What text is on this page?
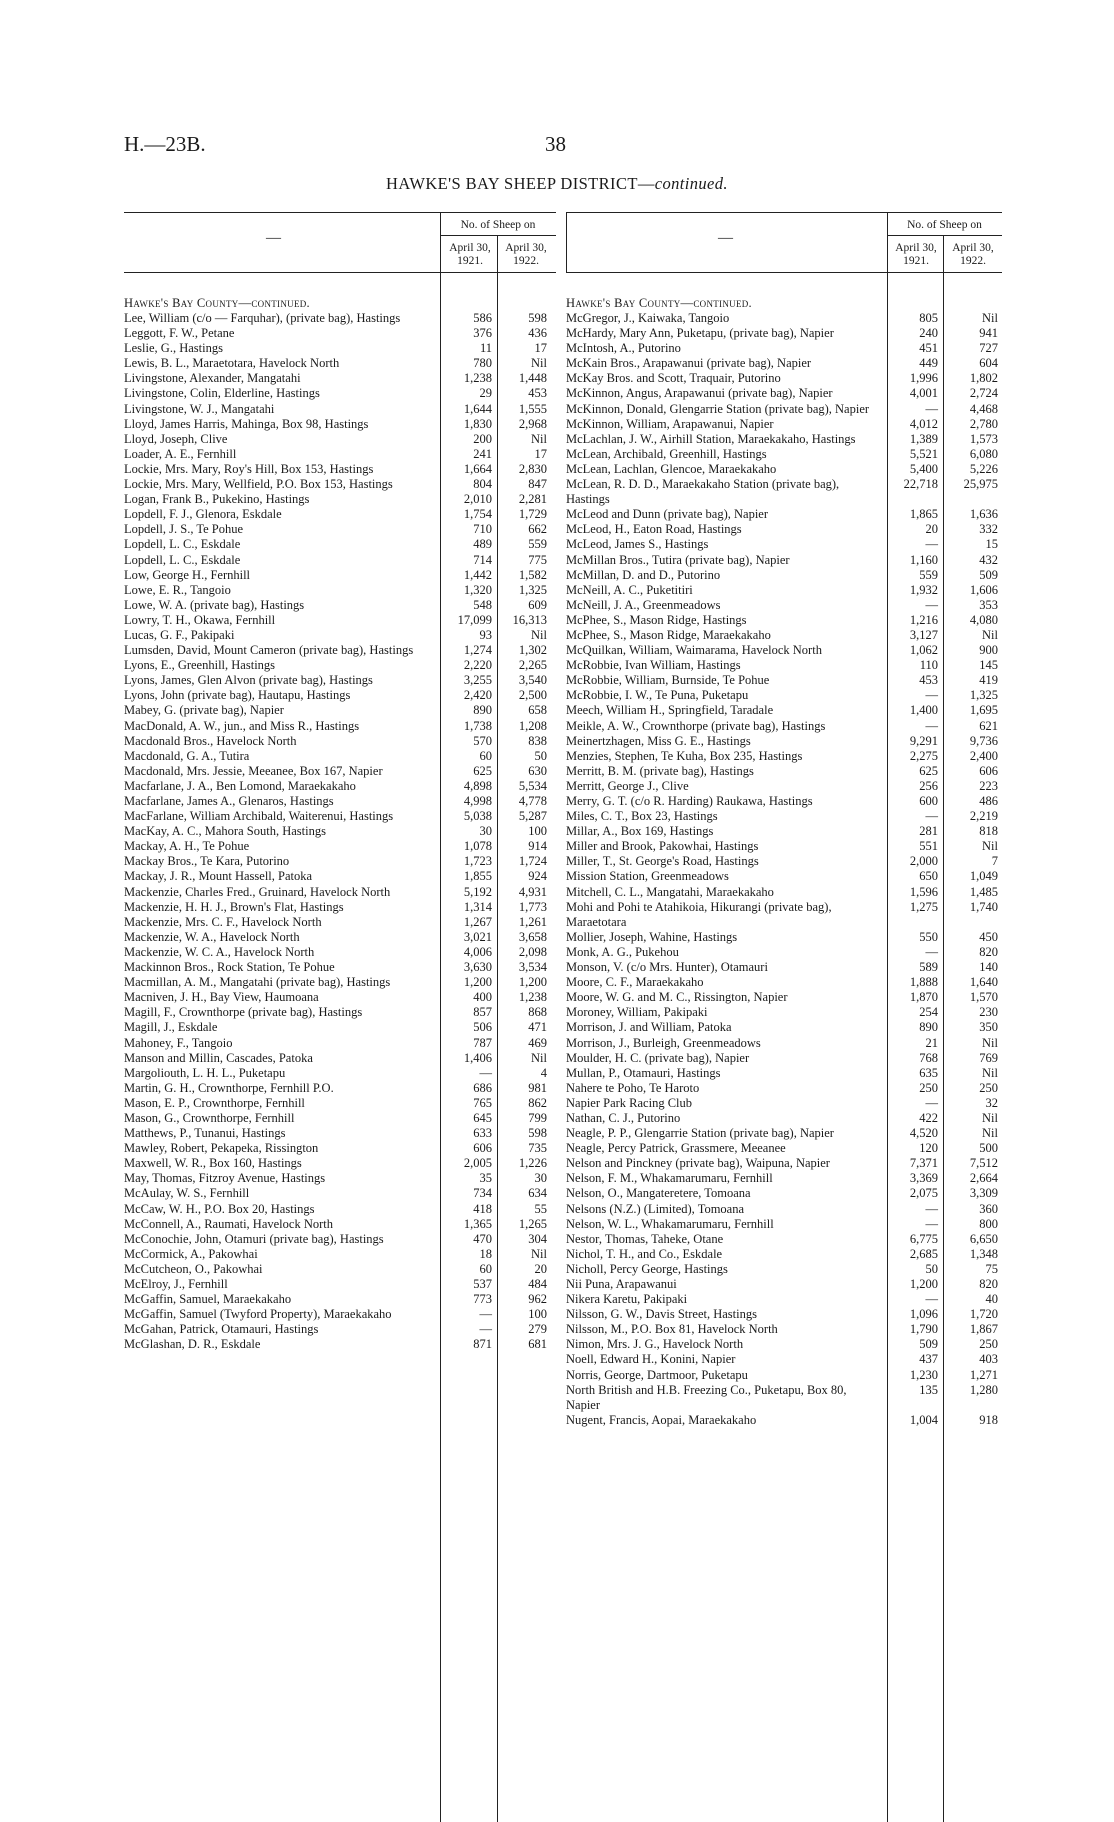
H.—23B.	38
HAWKE'S BAY SHEEP DISTRICT—continued.
—
No. of Sheep on
April 30, 1921.
April 30, 1922.
—
No. of Sheep on
April 30, 1921.
April 30, 1922.
Hawke's Bay County—continued.
Lee, William (c/o — Farquhar), (private bag), Hastings	586	598
Leggott, F. W., Petane	376	436
Leslie, G., Hastings	11	17
Lewis, B. L., Maraetotara, Havelock North	780	Nil
Livingstone, Alexander, Mangatahi	1,238	1,448
Livingstone, Colin, Elderline, Hastings	29	453
Livingstone, W. J., Mangatahi	1,644	1,555
Lloyd, James Harris, Mahinga, Box 98, Hastings	1,830	2,968
Lloyd, Joseph, Clive	200	Nil
Loader, A. E., Fernhill	241	17
Lockie, Mrs. Mary, Roy's Hill, Box 153, Hastings	1,664	2,830
Lockie, Mrs. Mary, Wellfield, P.O. Box 153, Hastings	804	847
Logan, Frank B., Pukekino, Hastings	2,010	2,281
Lopdell, F. J., Glenora, Eskdale	1,754	1,729
Lopdell, J. S., Te Pohue	710	662
Lopdell, L. C., Eskdale	489	559
Lopdell, L. C., Eskdale	714	775
Low, George H., Fernhill	1,442	1,582
Lowe, E. R., Tangoio	1,320	1,325
Lowe, W. A. (private bag), Hastings	548	609
Lowry, T. H., Okawa, Fernhill	17,099	16,313
Lucas, G. F., Pakipaki	93	Nil
Lumsden, David, Mount Cameron (private bag), Hastings	1,274	1,302
Lyons, E., Greenhill, Hastings	2,220	2,265
Lyons, James, Glen Alvon (private bag), Hastings	3,255	3,540
Lyons, John (private bag), Hautapu, Hastings	2,420	2,500
Mabey, G. (private bag), Napier	890	658
MacDonald, A. W., jun., and Miss R., Hastings	1,738	1,208
Macdonald Bros., Havelock North	570	838
Macdonald, G. A., Tutira	60	50
Macdonald, Mrs. Jessie, Meeanee, Box 167, Napier	625	630
Macfarlane, J. A., Ben Lomond, Maraekakaho	4,898	5,534
Macfarlane, James A., Glenaros, Hastings	4,998	4,778
MacFarlane, William Archibald, Waiterenui, Hastings	5,038	5,287
MacKay, A. C., Mahora South, Hastings	30	100
Mackay, A. H., Te Pohue	1,078	914
Mackay Bros., Te Kara, Putorino	1,723	1,724
Mackay, J. R., Mount Hassell, Patoka	1,855	924
Mackenzie, Charles Fred., Gruinard, Havelock North	5,192	4,931
Mackenzie, H. H. J., Brown's Flat, Hastings	1,314	1,773
Mackenzie, Mrs. C. F., Havelock North	1,267	1,261
Mackenzie, W. A., Havelock North	3,021	3,658
Mackenzie, W. C. A., Havelock North	4,006	2,098
Mackinnon Bros., Rock Station, Te Pohue	3,630	3,534
Macmillan, A. M., Mangatahi (private bag), Hastings	1,200	1,200
Macniven, J. H., Bay View, Haumoana	400	1,238
Magill, F., Crownthorpe (private bag), Hastings	857	868
Magill, J., Eskdale	506	471
Mahoney, F., Tangoio	787	469
Manson and Millin, Cascades, Patoka	1,406	Nil
Margoliouth, L. H. L., Puketapu	—	4
Martin, G. H., Crownthorpe, Fernhill P.O.	686	981
Mason, E. P., Crownthorpe, Fernhill	765	862
Mason, G., Crownthorpe, Fernhill	645	799
Matthews, P., Tunanui, Hastings	633	598
Mawley, Robert, Pekapeka, Rissington	606	735
Maxwell, W. R., Box 160, Hastings	2,005	1,226
May, Thomas, Fitzroy Avenue, Hastings	35	30
McAulay, W. S., Fernhill	734	634
McCaw, W. H., P.O. Box 20, Hastings	418	55
McConnell, A., Raumati, Havelock North	1,365	1,265
McConochie, John, Otamuri (private bag), Hastings	470	304
McCormick, A., Pakowhai	18	Nil
McCutcheon, O., Pakowhai	60	20
McElroy, J., Fernhill	537	484
McGaffin, Samuel, Maraekakaho	773	962
McGaffin, Samuel (Twyford Property), Maraekakaho	—	100
McGahan, Patrick, Otamauri, Hastings	—	279
McGlashan, D. R., Eskdale	871	681
Hawke's Bay County—continued.
McGregor, J., Kaiwaka, Tangoio	805	Nil
McHardy, Mary Ann, Puketapu, (private bag), Napier	240	941
McIntosh, A., Putorino	451	727
McKain Bros., Arapawanui (private bag), Napier	449	604
McKay Bros. and Scott, Traquair, Putorino	1,996	1,802
McKinnon, Angus, Arapawanui (private bag), Napier	4,001	2,724
McKinnon, Donald, Glengarrie Station (private bag), Napier	—	4,468
McKinnon, William, Arapawanui, Napier	4,012	2,780
McLachlan, J. W., Airhill Station, Maraekakaho, Hastings	1,389	1,573
McLean, Archibald, Greenhill, Hastings	5,521	6,080
McLean, Lachlan, Glencoe, Maraekakaho	5,400	5,226
McLean, R. D. D., Maraekakaho Station (private bag), Hastings
22,718	25,975
McLeod and Dunn (private bag), Napier	1,865	1,636
McLeod, H., Eaton Road, Hastings	20	332
McLeod, James S., Hastings	—	15
McMillan Bros., Tutira (private bag), Napier	1,160	432
McMillan, D. and D., Putorino	559	509
McNeill, A. C., Puketitiri	1,932	1,606
McNeill, J. A., Greenmeadows	—	353
McPhee, S., Mason Ridge, Hastings	1,216	4,080
McPhee, S., Mason Ridge, Maraekakaho	3,127	Nil
McQuilkan, William, Waimarama, Havelock North	1,062	900
McRobbie, Ivan William, Hastings	110	145
McRobbie, William, Burnside, Te Pohue	453	419
McRobbie, I. W., Te Puna, Puketapu	—	1,325
Meech, William H., Springfield, Taradale	1,400	1,695
Meikle, A. W., Crownthorpe (private bag), Hastings	—	621
Meinertzhagen, Miss G. E., Hastings	9,291	9,736
Menzies, Stephen, Te Kuha, Box 235, Hastings	2,275	2,400
Merritt, B. M. (private bag), Hastings	625	606
Merritt, George J., Clive	256	223
Merry, G. T. (c/o R. Harding) Raukawa, Hastings	600	486
Miles, C. T., Box 23, Hastings	—	2,219
Millar, A., Box 169, Hastings	281	818
Miller and Brook, Pakowhai, Hastings	551	Nil
Miller, T., St. George's Road, Hastings	2,000	7
Mission Station, Greenmeadows	650	1,049
Mitchell, C. L., Mangatahi, Maraekakaho	1,596	1,485
Mohi and Pohi te Atahikoia, Hikurangi (private bag), Maraetotara
1,275	1,740
Mollier, Joseph, Wahine, Hastings	550	450
Monk, A. G., Pukehou	—	820
Monson, V. (c/o Mrs. Hunter), Otamauri	589	140
Moore, C. F., Maraekakaho	1,888	1,640
Moore, W. G. and M. C., Rissington, Napier	1,870	1,570
Moroney, William, Pakipaki	254	230
Morrison, J. and William, Patoka	890	350
Morrison, J., Burleigh, Greenmeadows	21	Nil
Moulder, H. C. (private bag), Napier	768	769
Mullan, P., Otamauri, Hastings	635	Nil
Nahere te Poho, Te Haroto	250	250
Napier Park Racing Club	—	32
Nathan, C. J., Putorino	422	Nil
Neagle, P. P., Glengarrie Station (private bag), Napier	4,520	Nil
Neagle, Percy Patrick, Grassmere, Meeanee	120	500
Nelson and Pinckney (private bag), Waipuna, Napier	7,371	7,512
Nelson, F. M., Whakamarumaru, Fernhill	3,369	2,664
Nelson, O., Mangateretere, Tomoana	2,075	3,309
Nelsons (N.Z.) (Limited), Tomoana	—	360
Nelson, W. L., Whakamarumaru, Fernhill	—	800
Nestor, Thomas, Taheke, Otane	6,775	6,650
Nichol, T. H., and Co., Eskdale	2,685	1,348
Nicholl, Percy George, Hastings	50	75
Nii Puna, Arapawanui	1,200	820
Nikera Karetu, Pakipaki	—	40
Nilsson, G. W., Davis Street, Hastings	1,096	1,720
Nilsson, M., P.O. Box 81, Havelock North	1,790	1,867
Nimon, Mrs. J. G., Havelock North	509	250
Noell, Edward H., Konini, Napier	437	403
Norris, George, Dartmoor, Puketapu	1,230	1,271
North British and H.B. Freezing Co., Puketapu, Box 80, Napier
135	1,280
Nugent, Francis, Aopai, Maraekakaho	1,004	918
